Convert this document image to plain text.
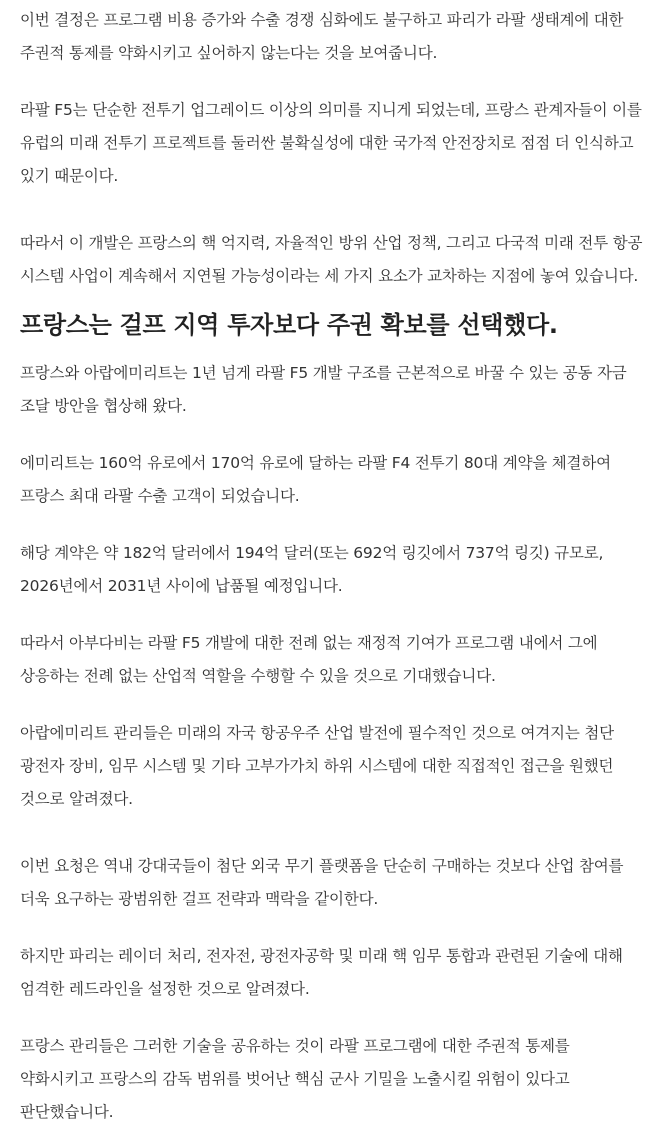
이번 결정은 프로그램 비용 증가와 수출 경쟁 심화에도 불구하고 파리가 라팔 생태계에 대한 주권적 통제를 약화시키고 싶어하지 않는다는 것을 보여줍니다.

라팔 F5는 단순한 전투기 업그레이드 이상의 의미를 지니게 되었는데, 프랑스 관계자들이 이를 유럽의 미래 전투기 프로젝트를 둘러싼 불확실성에 대한 국가적 안전장치로 점점 더 인식하고 있기 때문이다.

따라서 이 개발은 프랑스의 핵 억지력, 자율적인 방위 산업 정책, 그리고 다국적 미래 전투 항공 시스템 사업이 계속해서 지연될 가능성이라는 세 가지 요소가 교차하는 지점에 놓여 있습니다.

프랑스는 걸프 지역 투자보다 주권 확보를 선택했다.

프랑스와 아랍에미리트는 1년 넘게 라팔 F5 개발 구조를 근본적으로 바꿀 수 있는 공동 자금 조달 방안을 협상해 왔다.

에미리트는 160억 유로에서 170억 유로에 달하는 라팔 F4 전투기 80대 계약을 체결하여 프랑스 최대 라팔 수출 고객이 되었습니다.

해당 계약은 약 182억 달러에서 194억 달러(또는 692억 링깃에서 737억 링깃) 규모로, 2026년에서 2031년 사이에 납품될 예정입니다.

따라서 아부다비는 라팔 F5 개발에 대한 전례 없는 재정적 기여가 프로그램 내에서 그에 상응하는 전례 없는 산업적 역할을 수행할 수 있을 것으로 기대했습니다.

아랍에미리트 관리들은 미래의 자국 항공우주 산업 발전에 필수적인 것으로 여겨지는 첨단 광전자 장비, 임무 시스템 및 기타 고부가가치 하위 시스템에 대한 직접적인 접근을 원했던 것으로 알려졌다.

이번 요청은 역내 강대국들이 첨단 외국 무기 플랫폼을 단순히 구매하는 것보다 산업 참여를 더욱 요구하는 광범위한 걸프 전략과 맥락을 같이한다.

하지만 파리는 레이더 처리, 전자전, 광전자공학 및 미래 핵 임무 통합과 관련된 기술에 대해 엄격한 레드라인을 설정한 것으로 알려졌다.

프랑스 관리들은 그러한 기술을 공유하는 것이 라팔 프로그램에 대한 주권적 통제를 약화시키고 프랑스의 감독 범위를 벗어난 핵심 군사 기밀을 노출시킬 위험이 있다고 판단했습니다.
